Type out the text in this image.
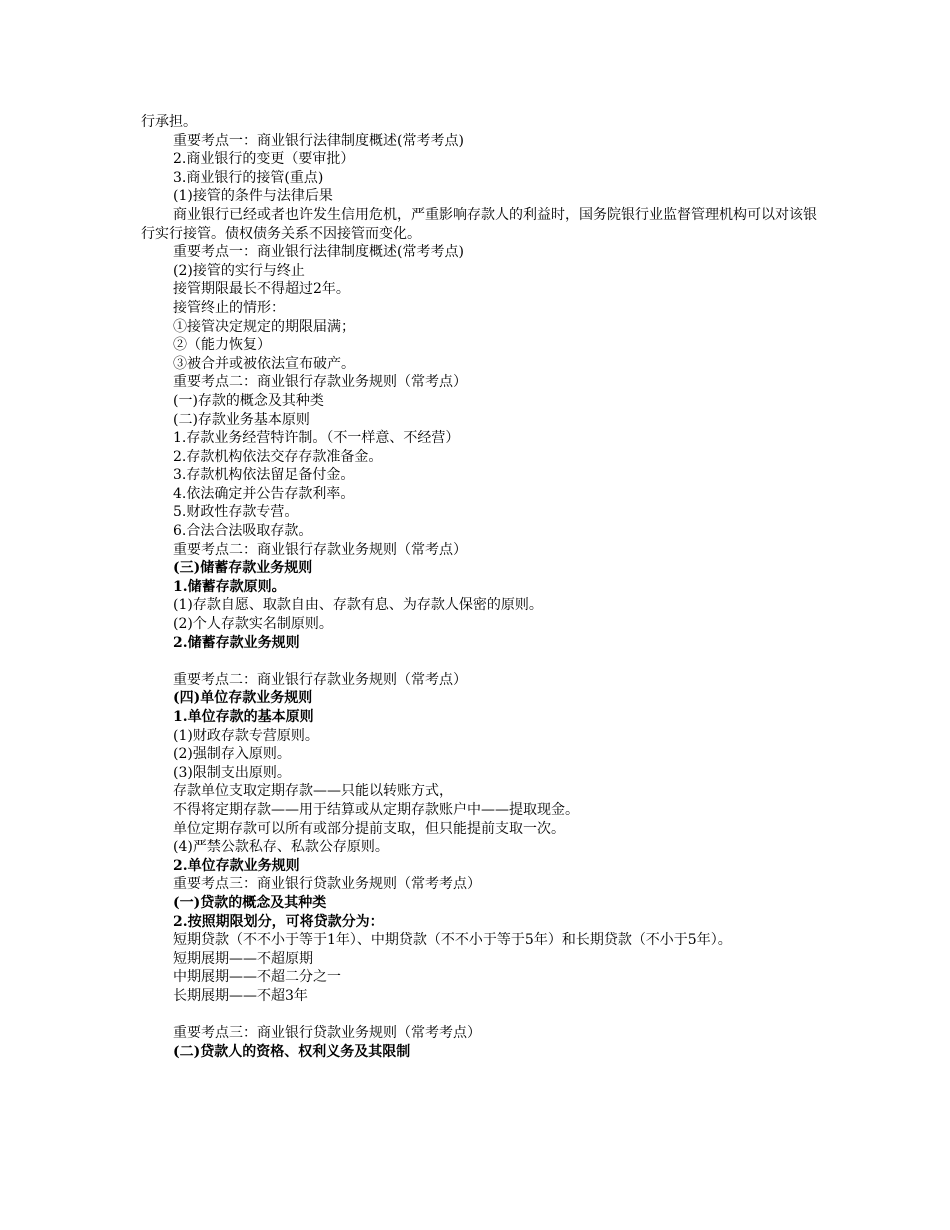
行承担。

重要考点一：商业银行法律制度概述(常考考点)

2.商业银行的变更（要审批）

3.商业银行的接管(重点)

(1)接管的条件与法律后果

商业银行已经或者也许发生信用危机，严重影响存款人的利益时，国务院银行业监督管理机构可以对该银行实行接管。债权债务关系不因接管而变化。

重要考点一：商业银行法律制度概述(常考考点)

(2)接管的实行与终止

接管期限最长不得超过2年。

接管终止的情形：

①接管决定规定的期限届满；

②（能力恢复）

③被合并或被依法宣布破产。

重要考点二：商业银行存款业务规则（常考点）

(一)存款的概念及其种类

(二)存款业务基本原则

1.存款业务经营特许制。（不一样意、不经营）

2.存款机构依法交存存款准备金。

3.存款机构依法留足备付金。

4.依法确定并公告存款利率。

5.财政性存款专营。

6.合法合法吸取存款。

重要考点二：商业银行存款业务规则（常考点）

(三)储蓄存款业务规则

1.储蓄存款原则。

(1)存款自愿、取款自由、存款有息、为存款人保密的原则。

(2)个人存款实名制原则。

2.储蓄存款业务规则

重要考点二：商业银行存款业务规则（常考点）

(四)单位存款业务规则

1.单位存款的基本原则

(1)财政存款专营原则。

(2)强制存入原则。

(3)限制支出原则。

存款单位支取定期存款——只能以转账方式，

不得将定期存款——用于结算或从定期存款账户中——提取现金。

单位定期存款可以所有或部分提前支取，但只能提前支取一次。

(4)严禁公款私存、私款公存原则。

2.单位存款业务规则

重要考点三：商业银行贷款业务规则（常考考点）

(一)贷款的概念及其种类

2.按照期限划分，可将贷款分为：

短期贷款（不不小于等于1年）、中期贷款（不不小于等于5年）和长期贷款（不小于5年）。

短期展期——不超原期

中期展期——不超二分之一

长期展期——不超3年

重要考点三：商业银行贷款业务规则（常考考点）

(二)贷款人的资格、权利义务及其限制
